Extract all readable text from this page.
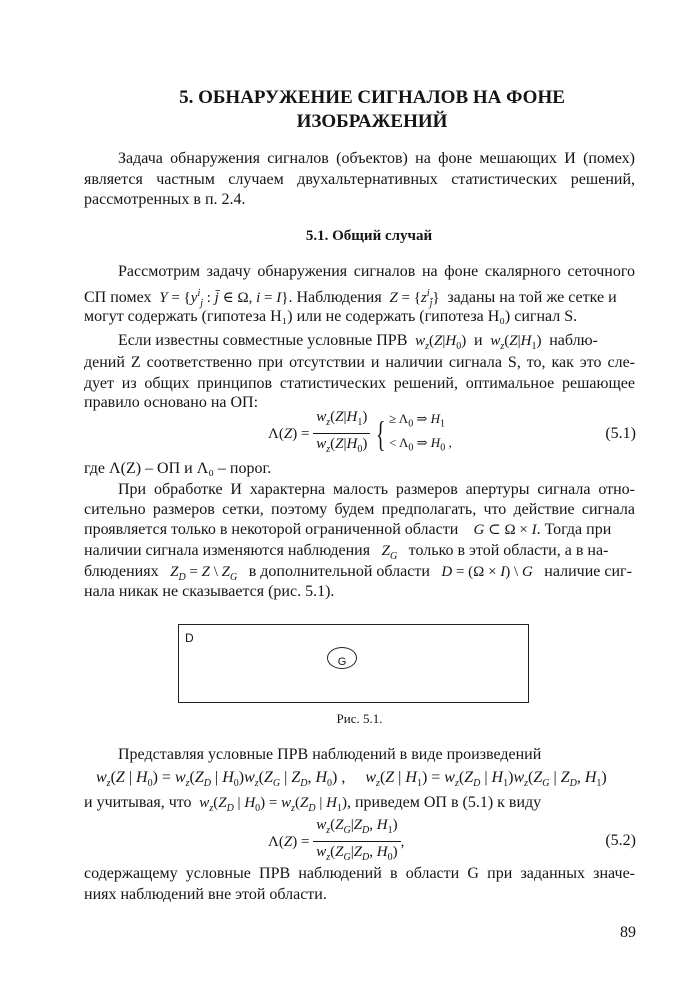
5. ОБНАРУЖЕНИЕ СИГНАЛОВ НА ФОНЕ
ИЗОБРАЖЕНИЙ
Задача обнаружения сигналов (объектов) на фоне мешающих И (помех)
является частным случаем двухальтернативных статистических решений,
рассмотренных в п. 2.4.
5.1. Общий случай
Рассмотрим задачу обнаружения сигналов на фоне скалярного сеточного
СП помех $Y = \{y^i_j$ : j̄ ∈ Ω, i = I}. Наблюдения $Z = \{z^i_{j̄}\}$  заданы на той же сетке и
могут содержать (гипотеза H₁) или не содержать (гипотеза H₀) сигнал S.
Если известны совместные условные ПРВ $w_z(Z|H_0)$  и $w_z(Z|H_1)$  наблю-
дений Z соответственно при отсутствии и наличии сигнала S, то, как это сле-
дует из общих принципов статистических решений, оптимальное решающее
правило основано на ОП:
$\Lambda(Z) = \frac{w_z(Z|H_1)}{w_z(Z|H_0)}$ { ≥ $\Lambda_0$ ⇒ $H_1$
< $\Lambda_0$ ⇒ $H_0$ ,	(5.1)
где Λ(Z) – ОП и Λ₀ – порог.
При обработке И характерна малость размеров апертуры сигнала отно-
сительно размеров сетки, поэтому будем предполагать, что действие сигнала
проявляется только в некоторой ограниченной области G ⊂ Ω × I. Тогда при
наличии сигнала изменяются наблюдения $Z_G$ только в этой области, а в на-
блюдениях $Z_D = Z$ \ $Z_G$ в дополнительной области D = (Ω × I) \ G наличие сиг-
нала никак не сказывается (рис. 5.1).
D
G
Рис. 5.1.
Представляя условные ПРВ наблюдений в виде произведений
$w_z(Z$ | $H_0) = w_z(Z_D$ | $H_0)w_z(Z_G$ | $Z_D$, $H_0$) ,     $w_z(Z$ | $H_1) = w_z(Z_D$ | $H_1)w_z(Z_G$ | $Z_D$, $H_1$)
и учитывая, что $w_z(Z_D$ | $H_0) = w_z(Z_D$ | $H_1$), приведем ОП в (5.1) к виду
$\Lambda(Z) = \frac{w_z(Z_G|Z_D, H_1)}{w_z(Z_G|Z_D, H_0)}$ ,	(5.2)
содержащему условные ПРВ наблюдений в области G при заданных значе-
ниях наблюдений вне этой области.
89
